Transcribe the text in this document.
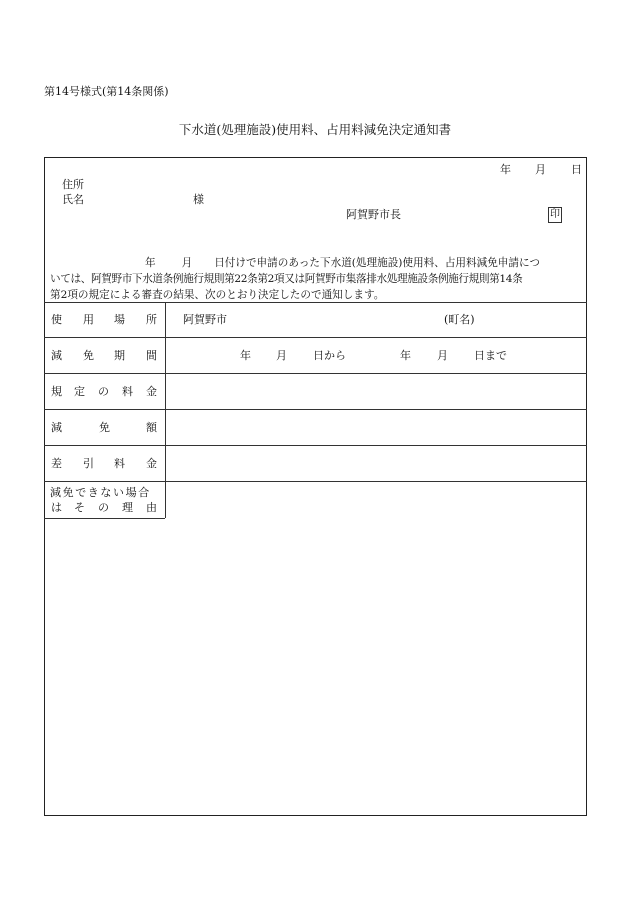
第14号様式(第14条関係)
下水道(処理施設)使用料、占用料減免決定通知書
年 月 日
住所
氏名	様
阿賀野市長	印
年 月 日付けで申請のあった下水道(処理施設)使用料、占用料減免申請につ
いては、阿賀野市下水道条例施行規則第22条第2項又は阿賀野市集落排水処理施設条例施行規則第14条
第2項の規定による審査の結果、次のとおり決定したので通知します。
使 用 場 所 阿賀野市	(町名)
減 免 期 間	年 月 日から	年 月 日まで
規 定 の 料 金
減	免	額
差 引 料 金
減免できない場合
は そ の 理 由
